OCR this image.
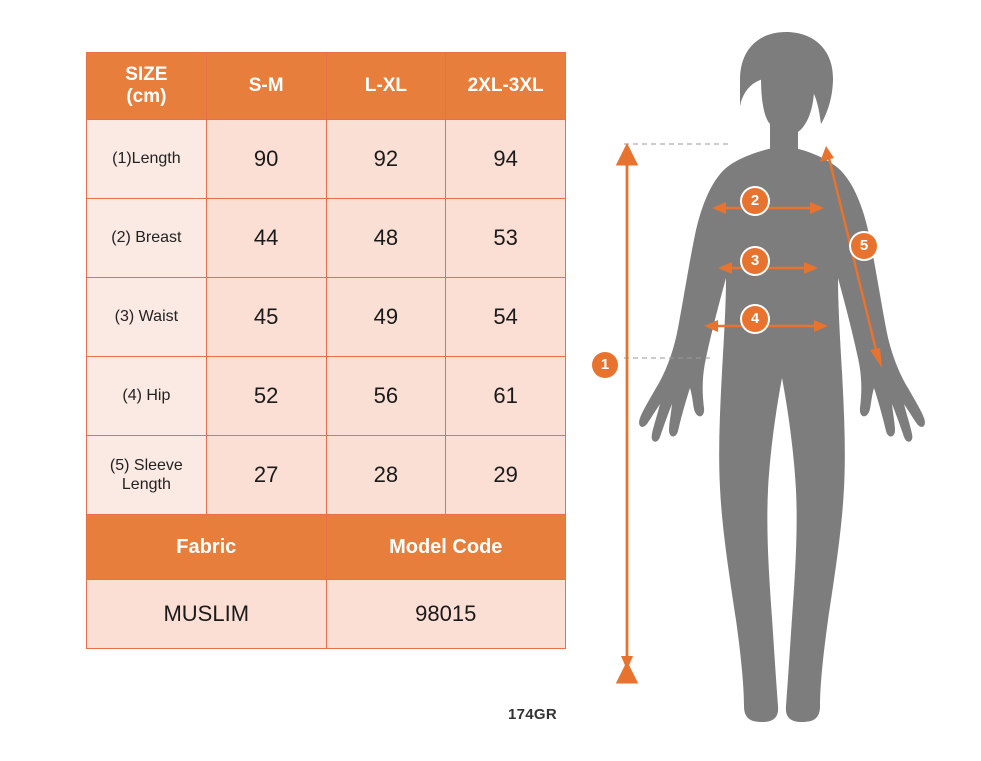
SIZE
(cm)	S-M	L-XL	2XL-3XL
(1)Length	90	92	94
(2) Breast	44	48	53
(3) Waist	45	49	54
(4) Hip	52	56	61
(5) Sleeve Length	27	28	29
Fabric		Model Code	
MUSLIM		98015	
174GR
1
2
3
4
5
